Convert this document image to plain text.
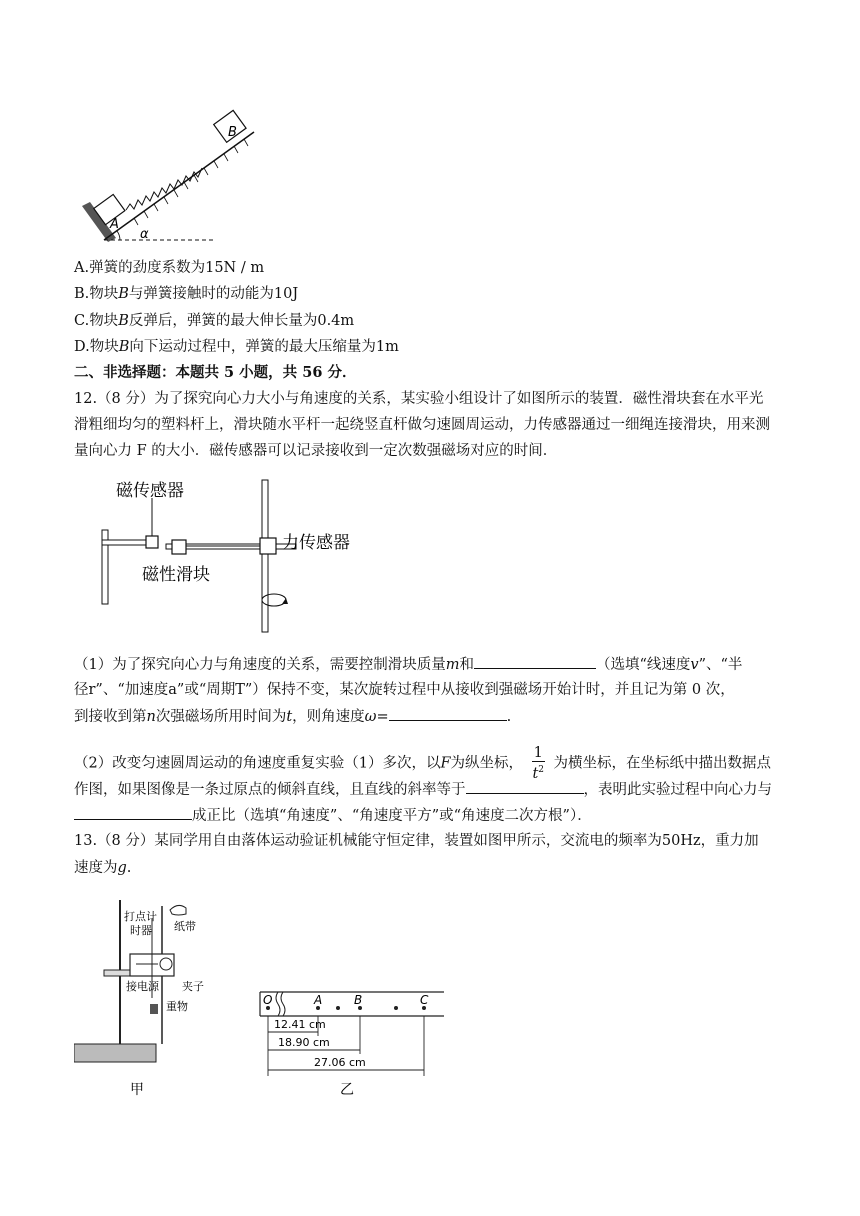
A
B
α
A.弹簧的劲度系数为15N / m
B.物块B与弹簧接触时的动能为10J
C.物块B反弹后，弹簧的最大伸长量为0.4m
D.物块B向下运动过程中，弹簧的最大压缩量为1m
二、非选择题：本题共 5 小题，共 56 分．
12.（8 分）为了探究向心力大小与角速度的关系，某实验小组设计了如图所示的装置．磁性滑块套在水平光
滑粗细均匀的塑料杆上，滑块随水平杆一起绕竖直杆做匀速圆周运动，力传感器通过一细绳连接滑块，用来测
量向心力 F 的大小．磁传感器可以记录接收到一定次数强磁场对应的时间．
磁传感器
力传感器
磁性滑块
（1）为了探究向心力与角速度的关系，需要控制滑块质量m和	（选填“线速度v”、“半
径r”、“加速度a”或“周期T”）保持不变，某次旋转过程中从接收到强磁场开始计时，并且记为第 0 次，
到接收到第n次强磁场所用时间为t，则角速度ω=	.
（2）改变匀速圆周运动的角速度重复实验（1）多次，以F为纵坐标， $\frac{1}{t^2}$ 为横坐标，在坐标纸中描出数据点
作图，如果图像是一条过原点的倾斜直线，且直线的斜率等于	，表明此实验过程中向心力与
成正比（选填“角速度”、“角速度平方”或“角速度二次方根”）．
13.（8 分）某同学用自由落体运动验证机械能守恒定律，装置如图甲所示，交流电的频率为50Hz，重力加
速度为g.
打点计
时器 纸带
夹子
接电源
重物
甲
O	A	B	C
12.41 cm
18.90 cm
27.06 cm
乙
